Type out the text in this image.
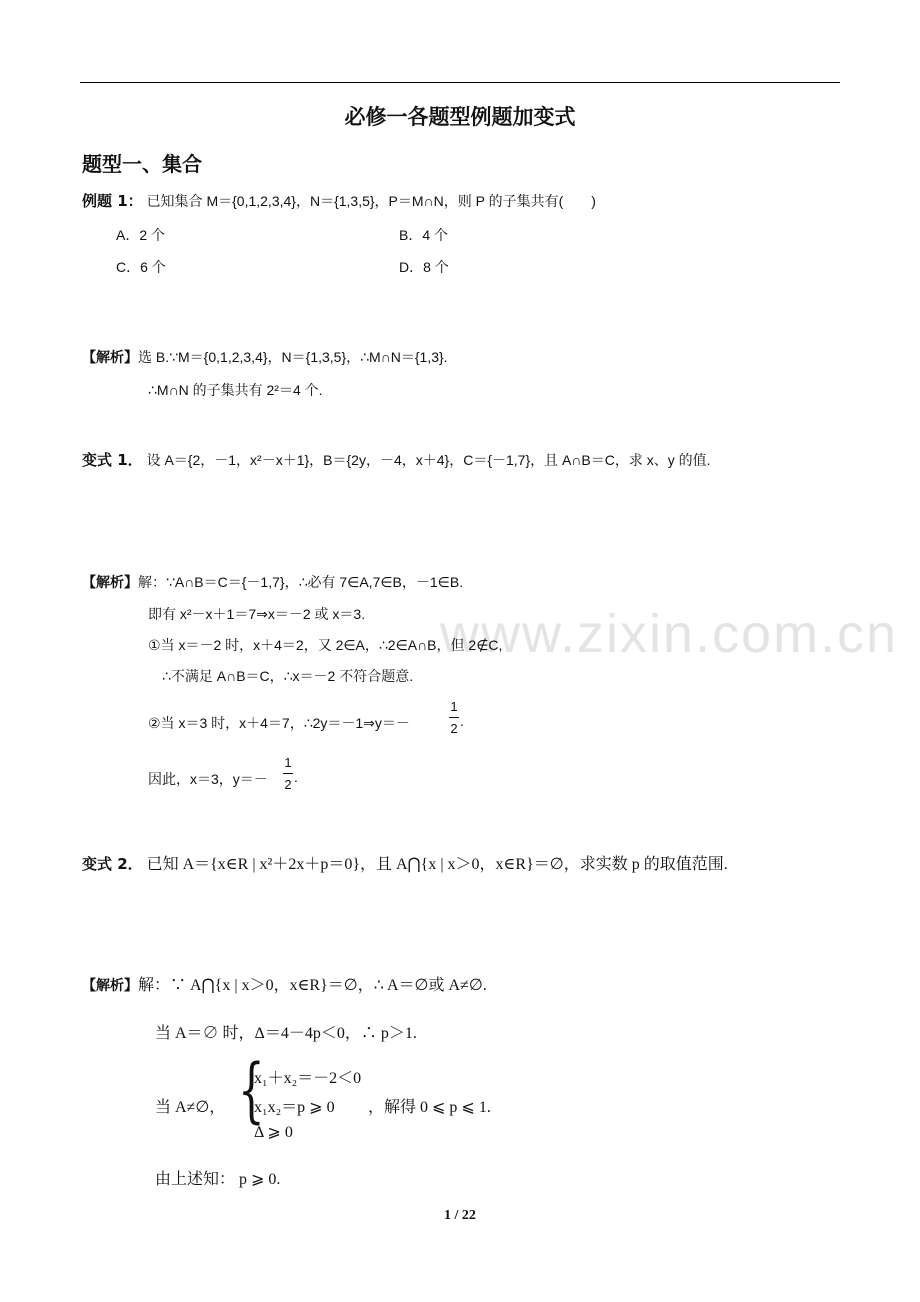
必修一各题型例题加变式
题型一、集合
www.zixin.com.cn
例题 1： 已知集合 M＝{0,1,2,3,4}，N＝{1,3,5}，P＝M∩N，则 P 的子集共有(　　)
A．2 个	B．4 个
C．6 个	D．8 个
【解析】选 B.∵M＝{0,1,2,3,4}，N＝{1,3,5}，∴M∩N＝{1,3}.
∴M∩N 的子集共有 2²＝4 个.
变式 1． 设 A＝{2，－1，x²－x＋1}，B＝{2y，－4，x＋4}，C＝{－1,7}，且 A∩B＝C，求 x、y 的值.
【解析】解：∵A∩B＝C＝{－1,7}，∴必有 7∈A,7∈B，－1∈B.
即有 x²－x＋1＝7⇒x＝－2 或 x＝3.
①当 x＝－2 时，x＋4＝2，又 2∈A，∴2∈A∩B，但 2∉C,
∴不满足 A∩B＝C，∴x＝－2 不符合题意.
②当 x＝3 时，x＋4＝7，∴2y＝－1⇒y＝－
1
2 .
因此，x＝3，y＝－
1
2 .
变式 2． 已知 A＝{x∈R | x²＋2x＋p＝0}，且 A⋂{x | x＞0，x∈R}＝∅，求实数 p 的取值范围.
【解析】解：∵ A⋂{x | x＞0，x∈R}＝∅，∴ A＝∅或 A≠∅.
当 A＝∅ 时，Δ＝4－4p＜0，∴ p＞1.
当 A≠∅， {
x₁＋x₂＝－2＜0
x₁x₂＝p ⩾ 0
Δ ⩾ 0
，解得 0 ⩽ p ⩽ 1.
由上述知： p ⩾ 0.
1 / 22
